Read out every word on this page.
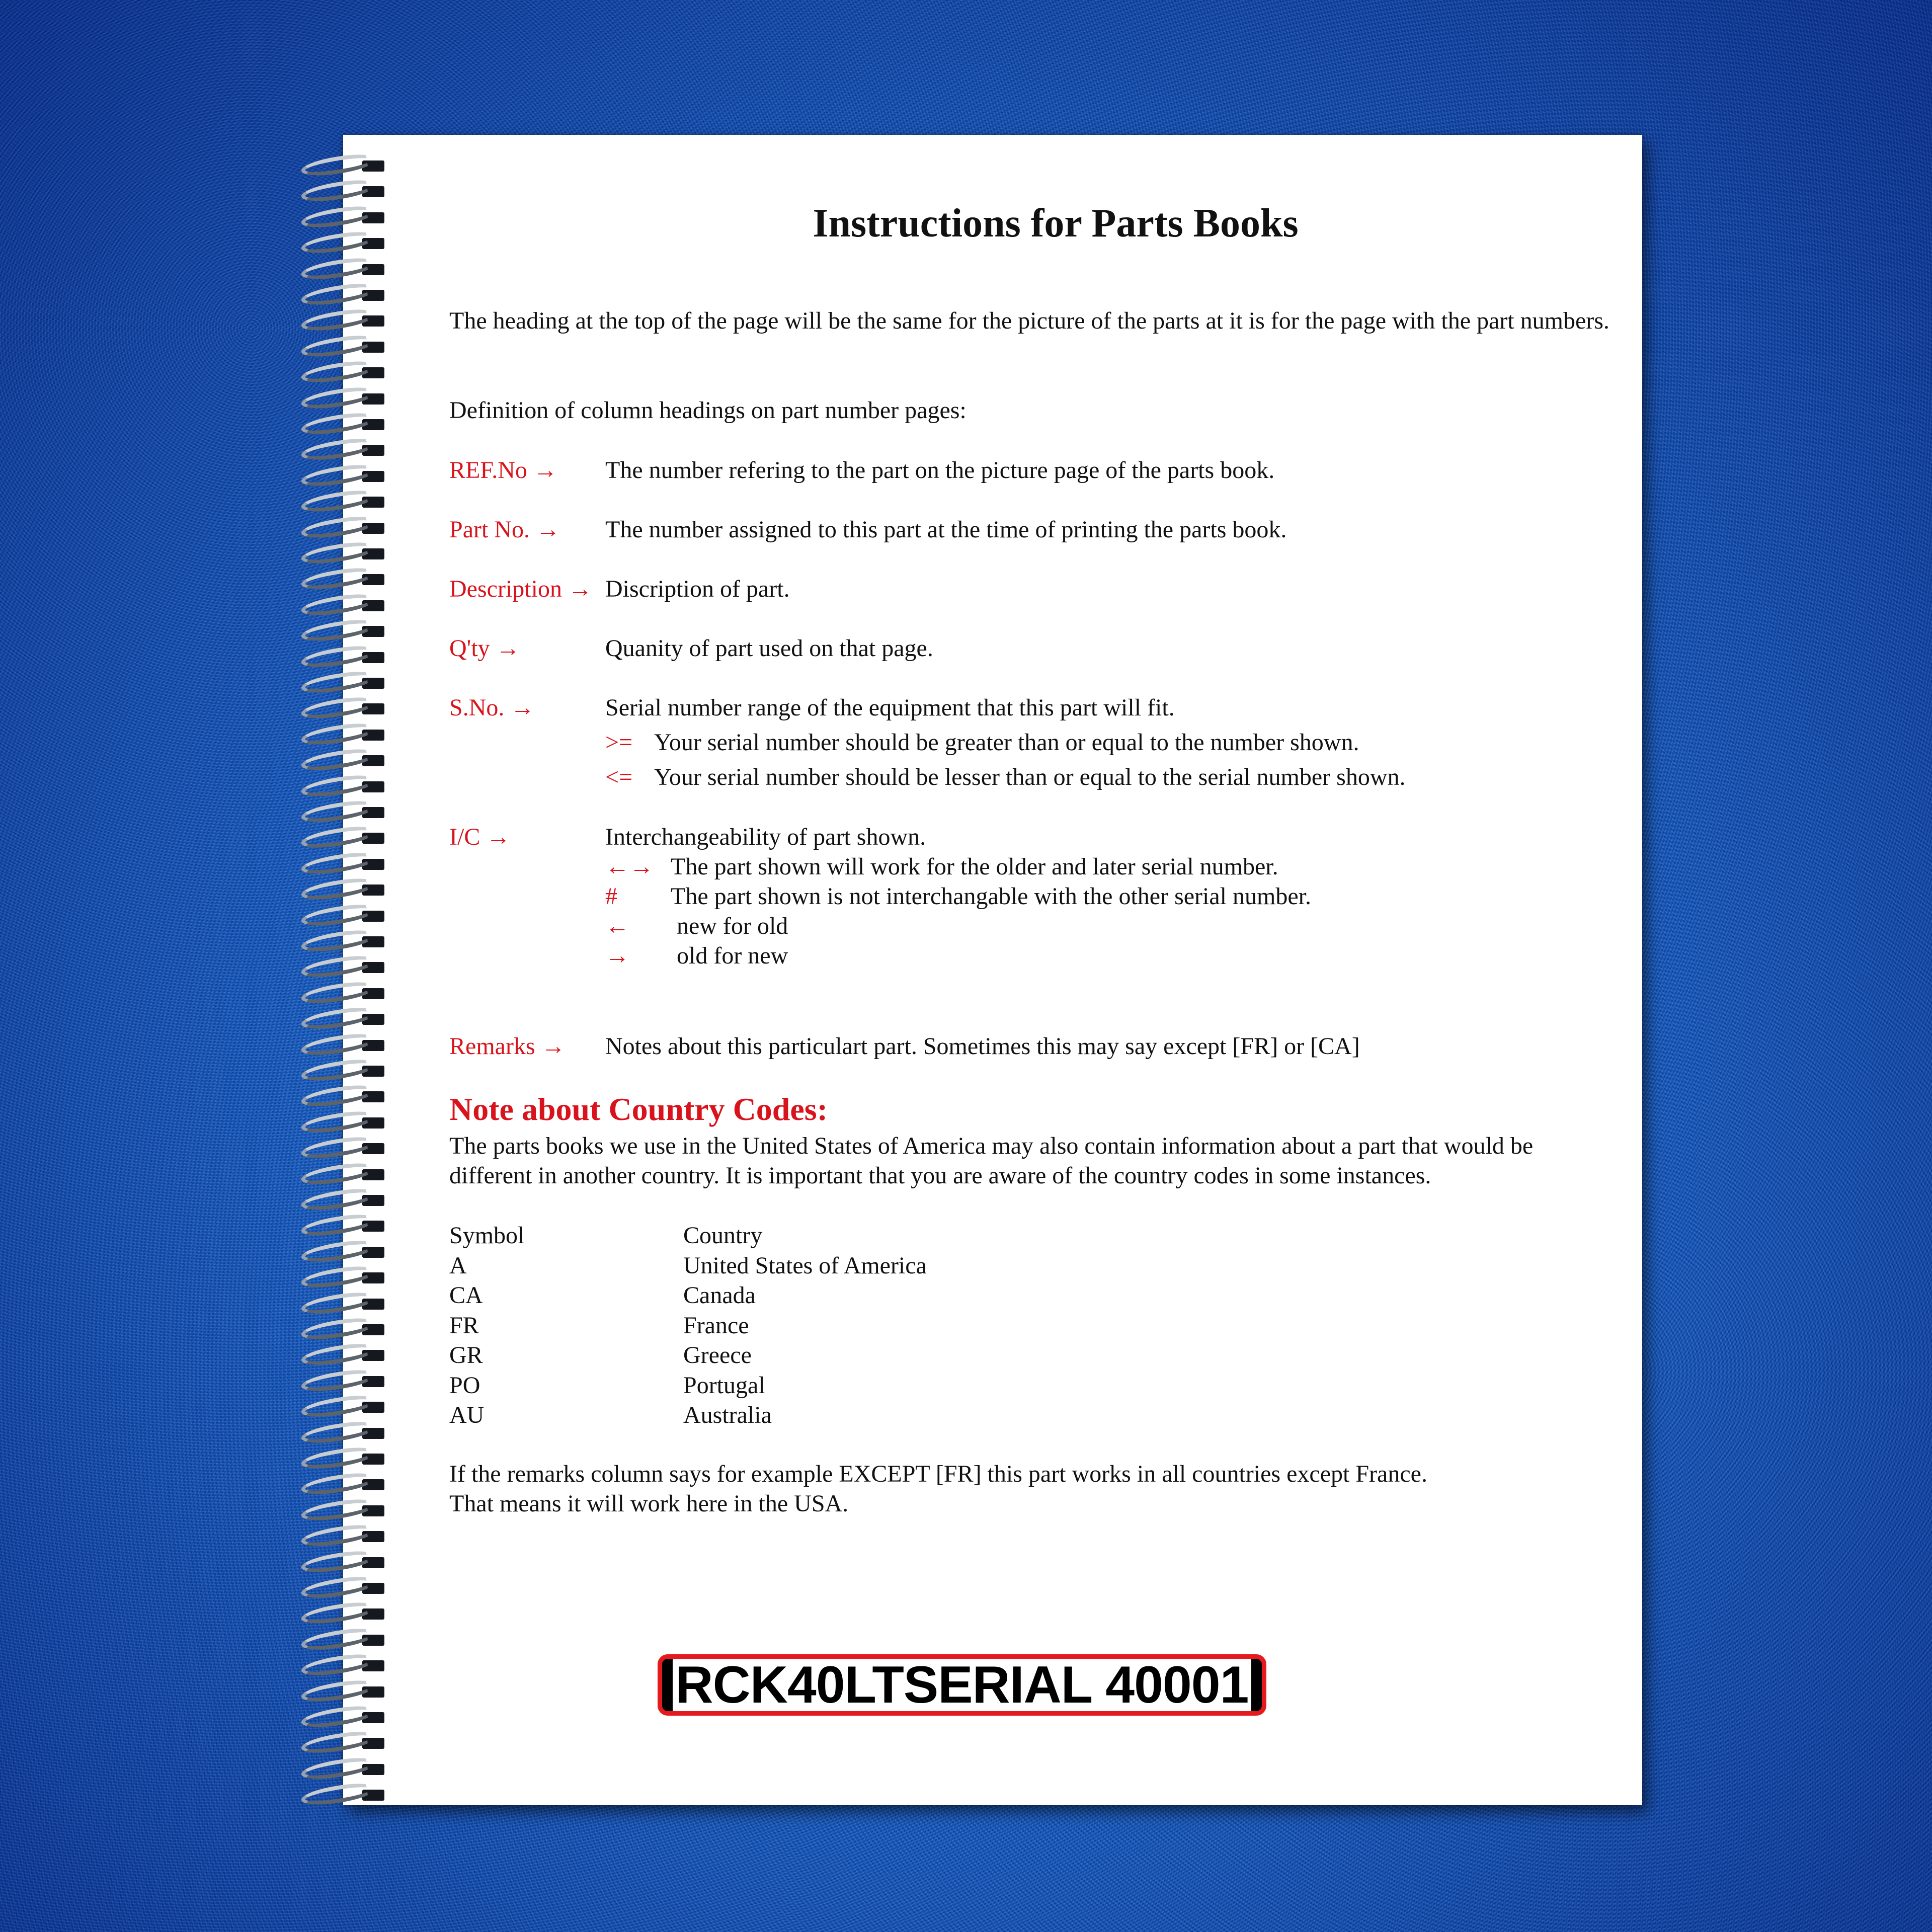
Instructions for Parts Books
The heading at the top of the page will be the same for the picture of the parts at it is for the page with the part numbers.
Definition of column headings on part number pages:
REF.No → The number refering to the part on the picture page of the parts book.
Part No. → The number assigned to this part at the time of printing the parts book.
Description → Discription of part.
Q'ty →	Quanity of part used on that page.
S.No. →	Serial number range of the equipment that this part will fit.
>= Your serial number should be greater than or equal to the number shown.
<= Your serial number should be lesser than or equal to the serial number shown.
I/C →	Interchangeability of part shown.
←→ The part shown will work for the older and later serial number.
# The part shown is not interchangable with the other serial number.
← new for old
→ old for new
Remarks → Notes about this particulart part. Sometimes this may say except [FR] or [CA]
Note about Country Codes:
The parts books we use in the United States of America may also contain information about a part that would be different in another country. It is important that you are aware of the country codes in some instances.
Symbol	Country
A	United States of America
CA	Canada
FR	France
GR	Greece
PO	Portugal
AU	Australia
If the remarks column says for example EXCEPT [FR] this part works in all countries except France.
That means it will work here in the USA.
RCK40LTSERIAL 40001
